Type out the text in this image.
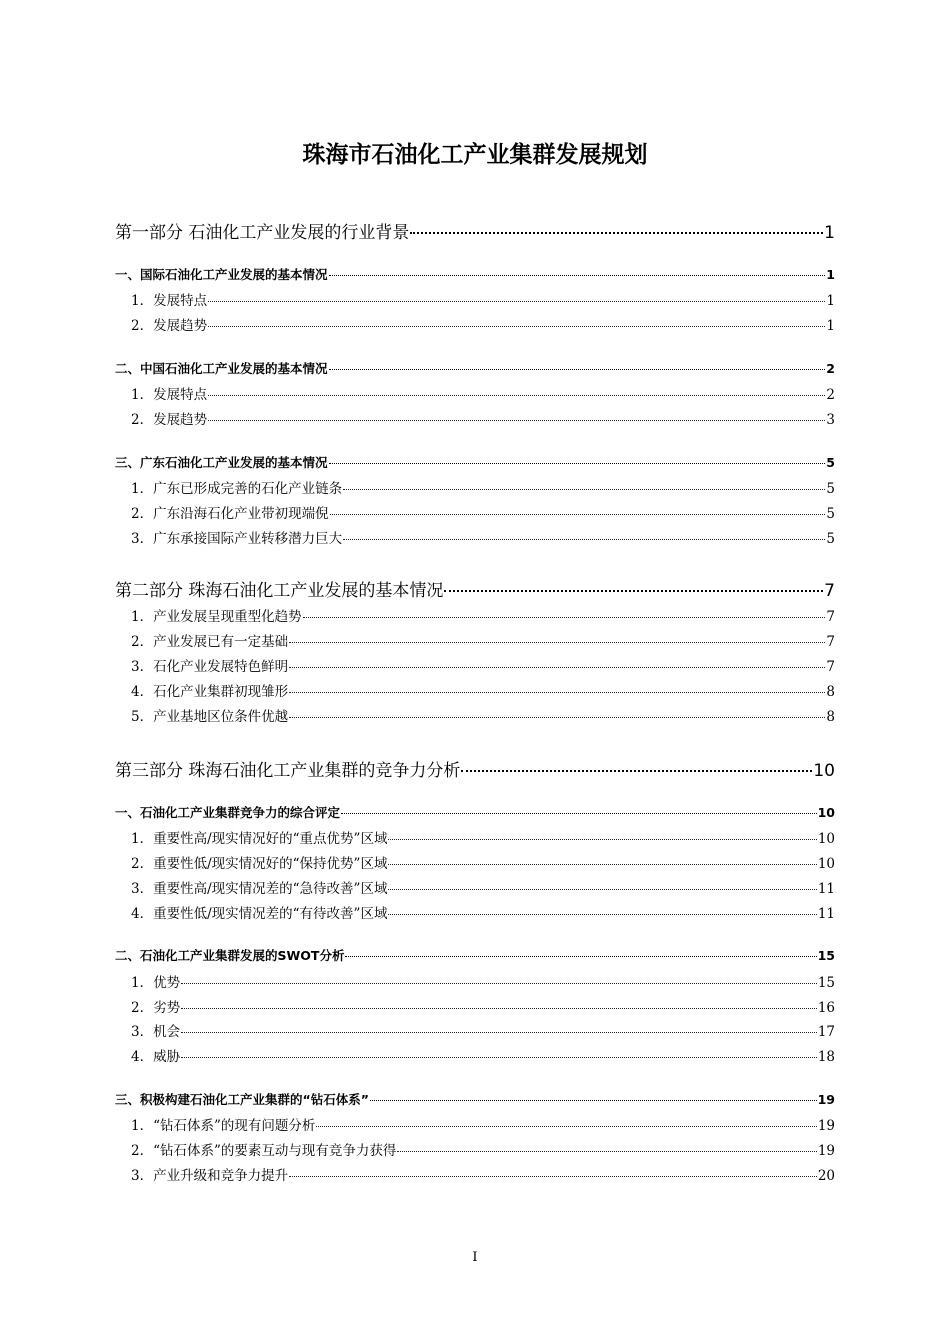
珠海市石油化工产业集群发展规划
第一部分 石油化工产业发展的行业背景	1
一、国际石油化工产业发展的基本情况	1
1．发展特点	1
2．发展趋势	1
二、中国石油化工产业发展的基本情况	2
1．发展特点	2
2．发展趋势	3
三、广东石油化工产业发展的基本情况	5
1．广东已形成完善的石化产业链条	5
2．广东沿海石化产业带初现端倪	5
3．广东承接国际产业转移潜力巨大	5
第二部分 珠海石油化工产业发展的基本情况	7
1．产业发展呈现重型化趋势	7
2．产业发展已有一定基础	7
3．石化产业发展特色鲜明	7
4．石化产业集群初现雏形	8
5．产业基地区位条件优越	8
第三部分 珠海石油化工产业集群的竞争力分析	10
一、石油化工产业集群竞争力的综合评定	10
1．重要性高/现实情况好的“重点优势”区域	10
2．重要性低/现实情况好的“保持优势”区域	10
3．重要性高/现实情况差的“急待改善”区域	11
4．重要性低/现实情况差的“有待改善”区域	11
二、石油化工产业集群发展的SWOT分析	15
1．优势	15
2．劣势	16
3．机会	17
4．威胁	18
三、积极构建石油化工产业集群的“钻石体系”	19
1．“钻石体系”的现有问题分析	19
2．“钻石体系”的要素互动与现有竞争力获得	19
3．产业升级和竞争力提升	20
I
